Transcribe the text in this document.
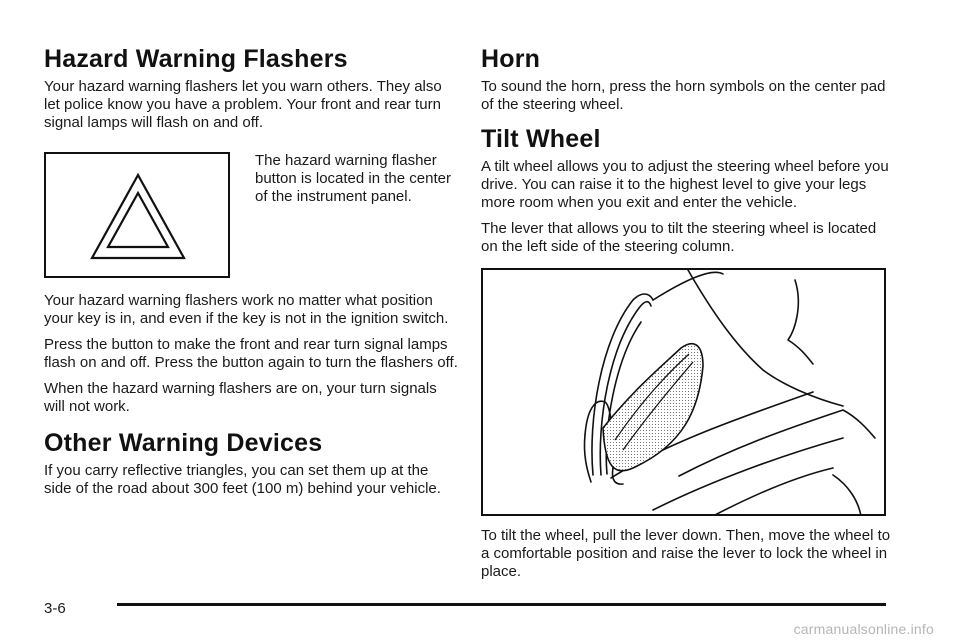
Hazard Warning Flashers

Your hazard warning flashers let you warn others. They also let police know you have a problem. Your front and rear turn signal lamps will flash on and off.

The hazard warning flasher button is located in the center of the instrument panel.

Your hazard warning flashers work no matter what position your key is in, and even if the key is not in the ignition switch.

Press the button to make the front and rear turn signal lamps flash on and off. Press the button again to turn the flashers off.

When the hazard warning flashers are on, your turn signals will not work.

Other Warning Devices

If you carry reflective triangles, you can set them up at the side of the road about 300 feet (100 m) behind your vehicle.

Horn

To sound the horn, press the horn symbols on the center pad of the steering wheel.

Tilt Wheel

A tilt wheel allows you to adjust the steering wheel before you drive. You can raise it to the highest level to give your legs more room when you exit and enter the vehicle.

The lever that allows you to tilt the steering wheel is located on the left side of the steering column.

To tilt the wheel, pull the lever down. Then, move the wheel to a comfortable position and raise the lever to lock the wheel in place.

3-6
carmanualsonline.info
